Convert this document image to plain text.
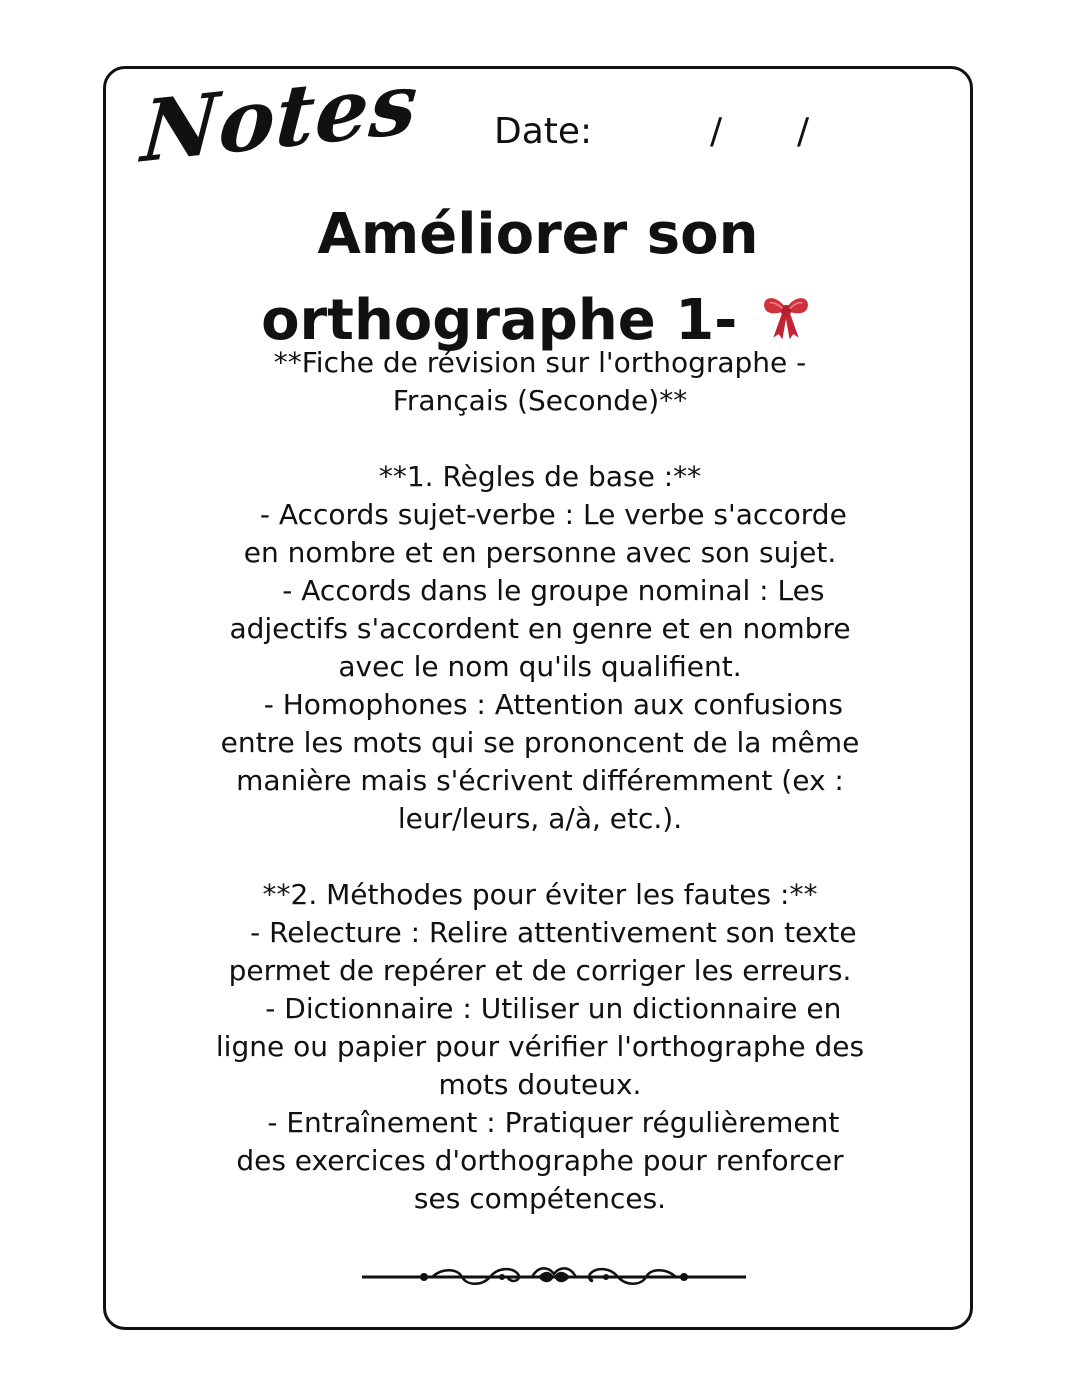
Notes Date:	/ /
Améliorer son
orthographe 1-
**Fiche de révision sur l'orthographe -
Français (Seconde)**

**1. Règles de base :**
- Accords sujet-verbe : Le verbe s'accorde
en nombre et en personne avec son sujet.
- Accords dans le groupe nominal : Les
adjectifs s'accordent en genre et en nombre
avec le nom qu'ils qualifient.
- Homophones : Attention aux confusions
entre les mots qui se prononcent de la même
manière mais s'écrivent différemment (ex :
leur/leurs, a/à, etc.).

**2. Méthodes pour éviter les fautes :**
- Relecture : Relire attentivement son texte
permet de repérer et de corriger les erreurs.
- Dictionnaire : Utiliser un dictionnaire en
ligne ou papier pour vérifier l'orthographe des
mots douteux.
- Entraînement : Pratiquer régulièrement
des exercices d'orthographe pour renforcer
ses compétences.
